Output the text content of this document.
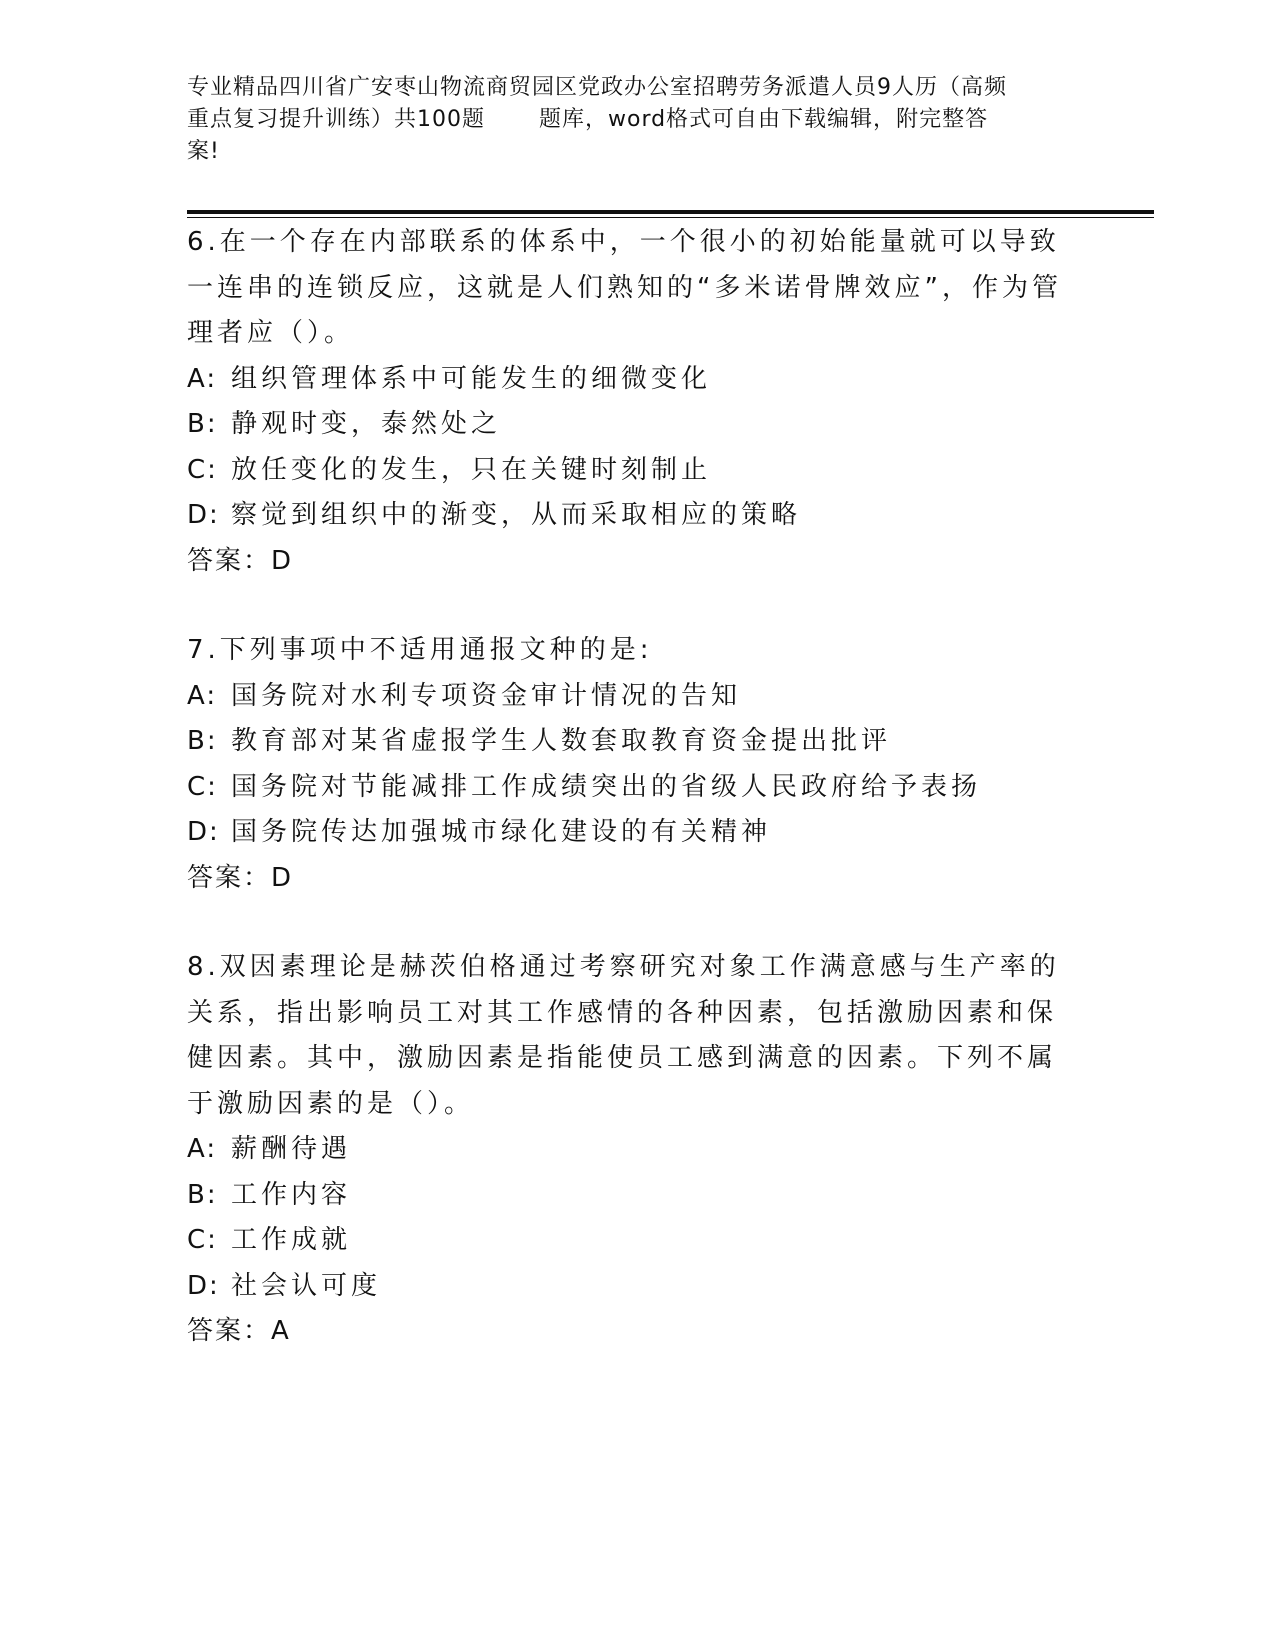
专业精品四川省广安枣山物流商贸园区党政办公室招聘劳务派遣人员9人历（高频
重点复习提升训练）共100题　　 题库，word格式可自由下载编辑，附完整答
案!

6.在一个存在内部联系的体系中，一个很小的初始能量就可以导致一连串的连锁反应，这就是人们熟知的“多米诺骨牌效应”，作为管理者应（）。

A: 组织管理体系中可能发生的细微变化
B: 静观时变，泰然处之
C: 放任变化的发生，只在关键时刻制止
D: 察觉到组织中的渐变，从而采取相应的策略
答案：D

7.下列事项中不适用通报文种的是:

A: 国务院对水利专项资金审计情况的告知
B: 教育部对某省虚报学生人数套取教育资金提出批评
C: 国务院对节能减排工作成绩突出的省级人民政府给予表扬
D: 国务院传达加强城市绿化建设的有关精神
答案：D

8.双因素理论是赫茨伯格通过考察研究对象工作满意感与生产率的关系，指出影响员工对其工作感情的各种因素，包括激励因素和保健因素。其中，激励因素是指能使员工感到满意的因素。下列不属于激励因素的是（）。

A: 薪酬待遇
B: 工作内容
C: 工作成就
D: 社会认可度
答案：A
